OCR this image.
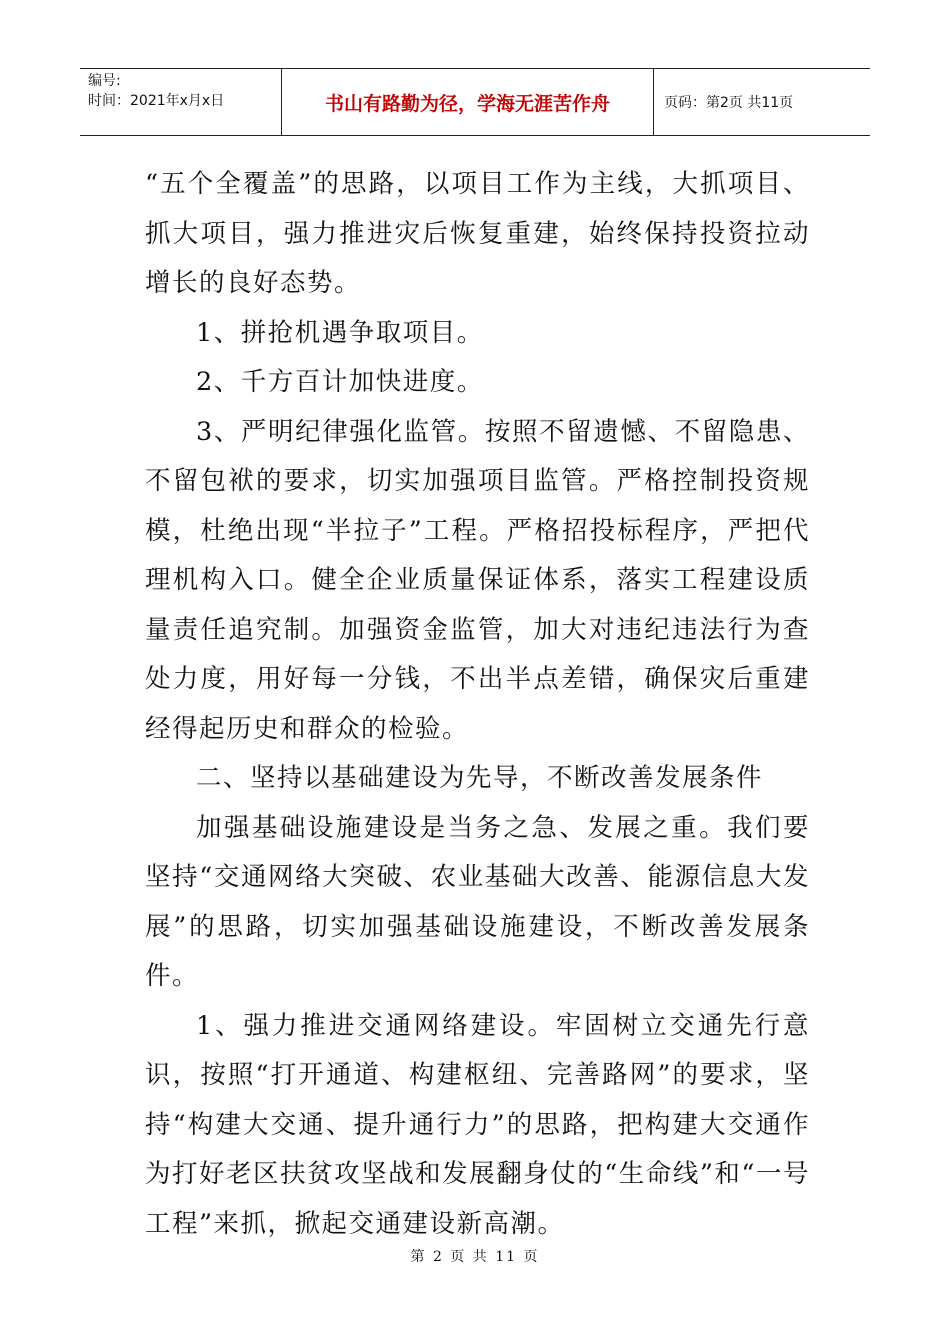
编号:
时间：2021年x月x日	书山有路勤为径，学海无涯苦作舟	页码：第2页 共11页

“五个全覆盖”的思路，以项目工作为主线，大抓项目、抓大项目，强力推进灾后恢复重建，始终保持投资拉动增长的良好态势。

1、拼抢机遇争取项目。

2、千方百计加快进度。

3、严明纪律强化监管。按照不留遗憾、不留隐患、不留包袱的要求，切实加强项目监管。严格控制投资规模，杜绝出现“半拉子”工程。严格招投标程序，严把代理机构入口。健全企业质量保证体系，落实工程建设质量责任追究制。加强资金监管，加大对违纪违法行为查处力度，用好每一分钱，不出半点差错，确保灾后重建经得起历史和群众的检验。

二、坚持以基础建设为先导，不断改善发展条件

加强基础设施建设是当务之急、发展之重。我们要坚持“交通网络大突破、农业基础大改善、能源信息大发展”的思路，切实加强基础设施建设，不断改善发展条件。

1、强力推进交通网络建设。牢固树立交通先行意识，按照“打开通道、构建枢纽、完善路网”的要求，坚持“构建大交通、提升通行力”的思路，把构建大交通作为打好老区扶贫攻坚战和发展翻身仗的“生命线”和“一号工程”来抓，掀起交通建设新高潮。

第 2 页 共 11 页
